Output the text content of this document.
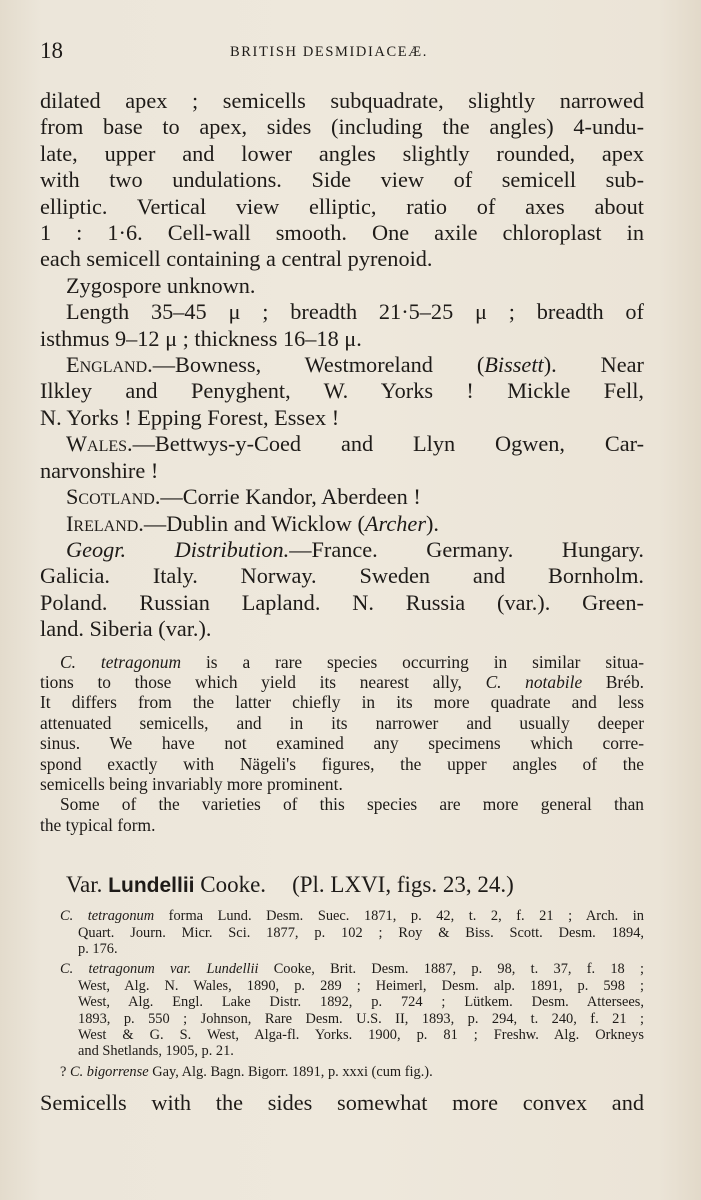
18	BRITISH DESMIDIACEÆ.
dilated apex ; semicells subquadrate, slightly narrowed
from base to apex, sides (including the angles) 4-undu-
late, upper and lower angles slightly rounded, apex
with two undulations. Side view of semicell sub-
elliptic. Vertical view elliptic, ratio of axes about
1 : 1·6. Cell-wall smooth. One axile chloroplast in
each semicell containing a central pyrenoid.
Zygospore unknown.
Length 35–45 μ ; breadth 21·5–25 μ ; breadth of
isthmus 9–12 μ ; thickness 16–18 μ.
England.—Bowness, Westmoreland (Bissett). Near
Ilkley and Penyghent, W. Yorks ! Mickle Fell,
N. Yorks ! Epping Forest, Essex !
Wales.—Bettwys-y-Coed and Llyn Ogwen, Car-
narvonshire !
Scotland.—Corrie Kandor, Aberdeen !
Ireland.—Dublin and Wicklow (Archer).
Geogr. Distribution.—France. Germany. Hungary.
Galicia. Italy. Norway. Sweden and Bornholm.
Poland. Russian Lapland. N. Russia (var.). Green-
land. Siberia (var.).
C. tetragonum is a rare species occurring in similar situa-
tions to those which yield its nearest ally, C. notabile Bréb.
It differs from the latter chiefly in its more quadrate and less
attenuated semicells, and in its narrower and usually deeper
sinus. We have not examined any specimens which corre-
spond exactly with Nägeli's figures, the upper angles of the
semicells being invariably more prominent.
Some of the varieties of this species are more general than
the typical form.
Var. Lundellii Cooke. (Pl. LXVI, figs. 23, 24.)
C. tetragonum forma Lund. Desm. Suec. 1871, p. 42, t. 2, f. 21 ; Arch. in
Quart. Journ. Micr. Sci. 1877, p. 102 ; Roy & Biss. Scott. Desm. 1894,
p. 176.
C. tetragonum var. Lundellii Cooke, Brit. Desm. 1887, p. 98, t. 37, f. 18 ;
West, Alg. N. Wales, 1890, p. 289 ; Heimerl, Desm. alp. 1891, p. 598 ;
West, Alg. Engl. Lake Distr. 1892, p. 724 ; Lütkem. Desm. Attersees,
1893, p. 550 ; Johnson, Rare Desm. U.S. II, 1893, p. 294, t. 240, f. 21 ;
West & G. S. West, Alga-fl. Yorks. 1900, p. 81 ; Freshw. Alg. Orkneys
and Shetlands, 1905, p. 21.
? C. bigorrense Gay, Alg. Bagn. Bigorr. 1891, p. xxxi (cum fig.).
Semicells with the sides somewhat more convex and
